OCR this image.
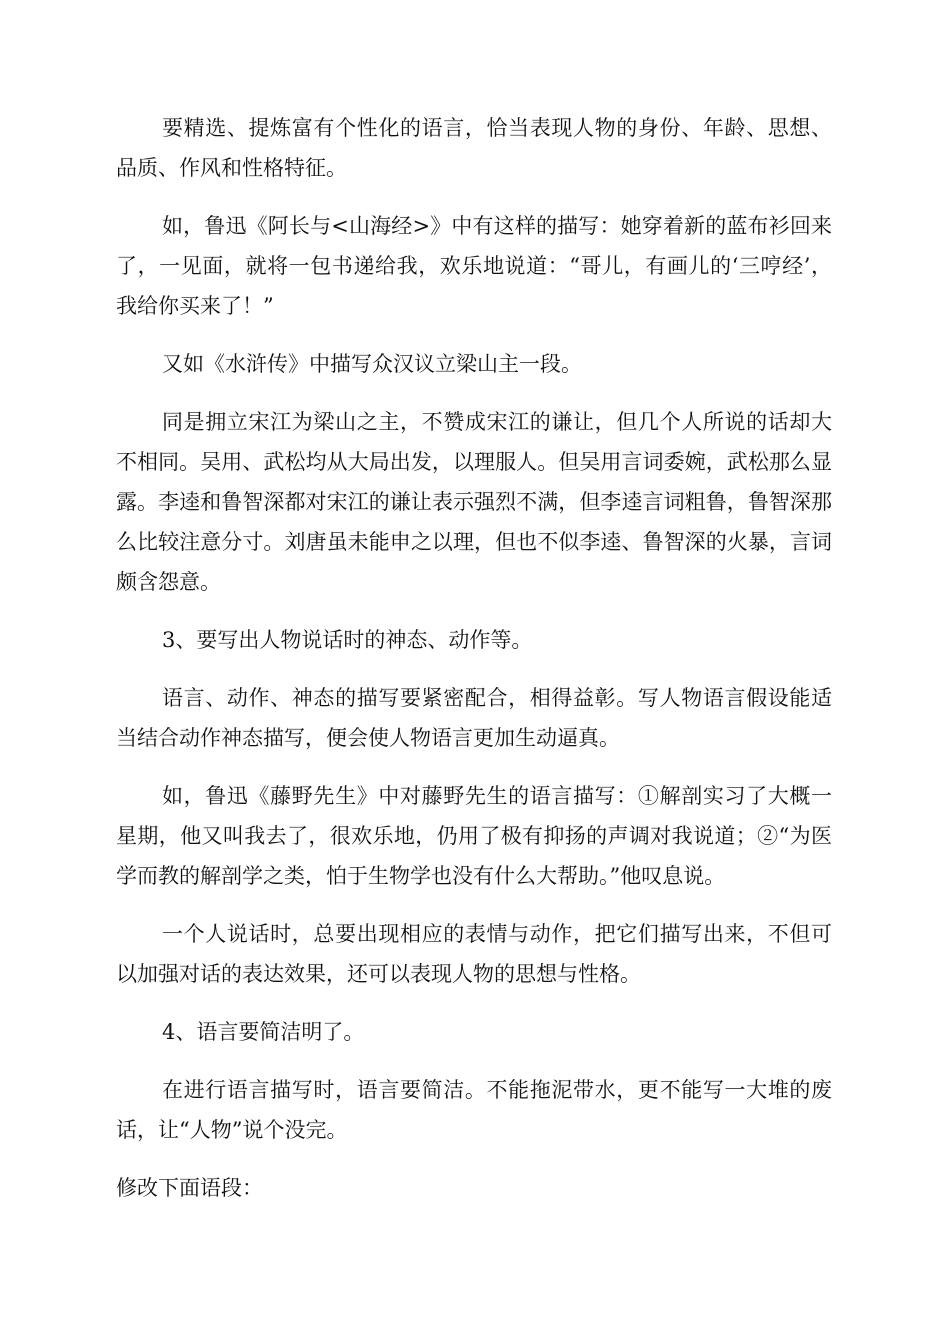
要精选、提炼富有个性化的语言，恰当表现人物的身份、年龄、思想、品质、作风和性格特征。

如，鲁迅《阿长与<山海经>》中有这样的描写：她穿着新的蓝布衫回来了，一见面，就将一包书递给我，欢乐地说道：“哥儿，有画儿的‘三哼经’，我给你买来了！”

又如《水浒传》中描写众汉议立梁山主一段。

同是拥立宋江为梁山之主，不赞成宋江的谦让，但几个人所说的话却大不相同。吴用、武松均从大局出发，以理服人。但吴用言词委婉，武松那么显露。李逵和鲁智深都对宋江的谦让表示强烈不满，但李逵言词粗鲁，鲁智深那么比较注意分寸。刘唐虽未能申之以理，但也不似李逵、鲁智深的火暴，言词颇含怨意。

3、要写出人物说话时的神态、动作等。

语言、动作、神态的描写要紧密配合，相得益彰。写人物语言假设能适当结合动作神态描写，便会使人物语言更加生动逼真。

如，鲁迅《藤野先生》中对藤野先生的语言描写：①解剖实习了大概一星期，他又叫我去了，很欢乐地，仍用了极有抑扬的声调对我说道；②“为医学而教的解剖学之类，怕于生物学也没有什么大帮助。”他叹息说。

一个人说话时，总要出现相应的表情与动作，把它们描写出来，不但可以加强对话的表达效果，还可以表现人物的思想与性格。

4、语言要简洁明了。

在进行语言描写时，语言要简洁。不能拖泥带水，更不能写一大堆的废话，让“人物”说个没完。

修改下面语段：
